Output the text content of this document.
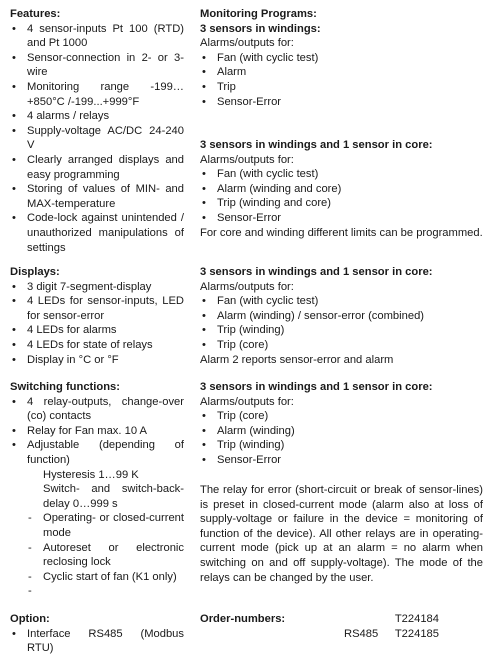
Features:
• 4 sensor-inputs Pt 100 (RTD) and Pt 1000
• Sensor-connection in 2- or 3-wire
• Monitoring range -199…+850°C /-199...+999°F
• 4 alarms / relays
• Supply-voltage AC/DC 24-240 V
• Clearly arranged displays and easy programming
• Storing of values of MIN- and MAX-temperature
• Code-lock against unintended / unauthorized manipulations of settings
Displays:
• 3 digit 7-segment-display
• 4 LEDs for sensor-inputs, LED for sensor-error
• 4 LEDs for alarms
• 4 LEDs for state of relays
• Display in °C or °F
Switching functions:
• 4 relay-outputs, change-over (co) contacts
• Relay for Fan max. 10 A
• Adjustable (depending of function)
Hysteresis 1…99 K
Switch- and switch-back-delay 0…999 s
- Operating- or closed-current mode
- Autoreset or electronic reclosing lock
- Cyclic start of fan (K1 only)
-
Option:
• Interface RS485 (Modbus RTU)
Monitoring Programs:
3 sensors in windings:
Alarms/outputs for:
• Fan (with cyclic test)
• Alarm
• Trip
• Sensor-Error
3 sensors in windings and 1 sensor in core:
Alarms/outputs for:
• Fan (with cyclic test)
• Alarm (winding and core)
• Trip (winding and core)
• Sensor-Error
For core and winding different limits can be programmed.
3 sensors in windings and 1 sensor in core:
Alarms/outputs for:
• Fan (with cyclic test)
• Alarm (winding) / sensor-error (combined)
• Trip (winding)
• Trip (core)
Alarm 2 reports sensor-error and alarm
3 sensors in windings and 1 sensor in core:
Alarms/outputs for:
• Trip (core)
• Alarm (winding)
• Trip (winding)
• Sensor-Error
The relay for error (short-circuit or break of sensor-lines) is preset in closed-current mode (alarm also at loss of supply-voltage or failure in the device = monitoring of function of the device). All other relays are in operating-current mode (pick up at an alarm = no alarm when switching on and off supply-voltage). The mode of the relays can be changed by the user.
Order-numbers:	T224184
RS485 T224185
